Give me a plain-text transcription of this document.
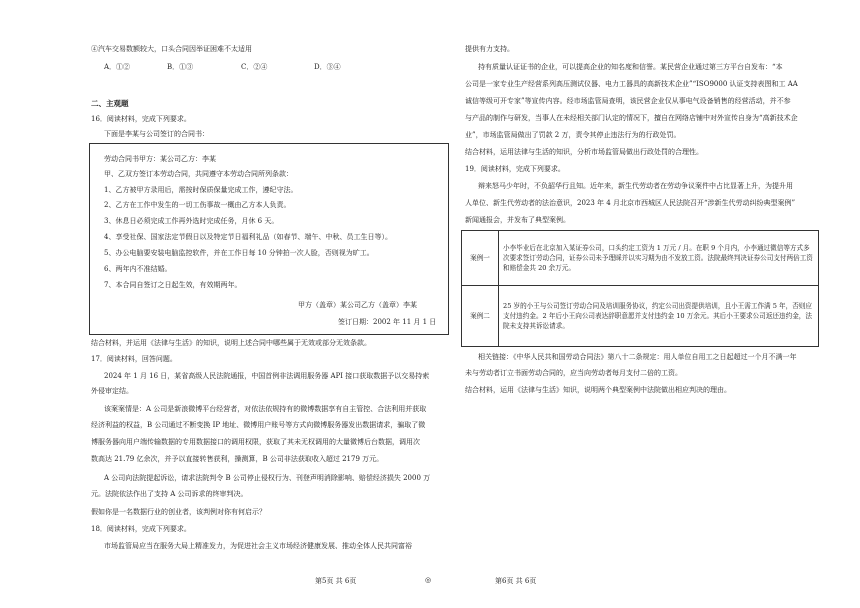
④汽车交易数额较大，口头合同因举证困难不太适用
A．①②	B．①③	C．②④	D．③④
二、主观题
16．阅读材料，完成下列要求。
下面是李某与公司签订的合同书：
劳动合同书甲方：某公司乙方：李某
甲、乙双方签订本劳动合同，共同遵守本劳动合同所列条款：
1、乙方被甲方录用后，需按时保质保量完成工作，遵纪守法。
2、乙方在工作中发生的一切工伤事故一概由乙方本人负责。
3、休息日必须完成工作再外选时完成任务，月休 6 天。
4、享受社保、国家法定节假日以及特定节日福利礼品（如春节、端午、中秋、员工生日等）。
5、办公电脑要安装电脑监控软件，并在工作日每 10 分钟拍一次人脸，否则视为旷工。
6、两年内不准结婚。
7、本合同自签订之日起生效，有效期两年。
甲方（盖章）某公司乙方（盖章）李某
签订日期：2002 年 11 月 1 日
结合材料，并运用《法律与生活》的知识，说明上述合同中哪些属于无效或部分无效条款。
17．阅读材料，回答问题。
2024 年 1 月 16 日，某省高级人民法院通报，中国首例非法调用服务器 API 接口获取数据予以交易持索
外侵审定结。
该案案情是：A 公司是新浪微博平台经营者，对依法依规持有的微博数据享有自主管控、合法利用并获取
经济利益的权益，B 公司通过不断变换 IP 地址、微博用户账号等方式向微博服务器发出数据请求，骗取了微
博服务器向用户端传输数据的专用数据接口的调用权限，获取了其未无权调用的大量微博后台数据，调用次
数高达 21.79 亿余次，并予以直接转售获利，操测算，B 公司非法获取收入超过 2179 万元。
A 公司向法院提起诉讼，请求法院判令 B 公司停止侵权行为、刊登声明消除影响、赔偿经济损失 2000 万
元。法院依法作出了支持 A 公司诉求的终审判决。
假如你是一名数据行业的创业者，该判例对你有何启示？
18．阅读材料，完成下列要求。
市场监管局应当在服务大局上精准发力，为促进社会主义市场经济健康发展、推动全体人民共同富裕
第5页 共 6页	◎
提供有力支持。
持有质量认证证书的企业，可以提高企业的知名度和信誉。某民营企业通过第三方平台自发布：“本
公司是一家专业生产经营系列高压测试仪器、电力工器具的高新技术企业”“ISO9000 认证支持表图和工 AA
诚信等级可开专家”等宣传内容。经市场监管局查明，该民营企业仅从事电气设备销售的经营活动，并不参
与产品的制作与研发，当事人在未经相关部门认定的情况下，擅自在网络店铺中对外宣传自身为“高新技术企
业”，市场监管局做出了罚款 2 万，责令其停止违法行为的行政处罚。
结合材料，运用法律与生活的知识，分析市场监管局做出行政处罚的合理性。
19．阅读材料，完成下列要求。
辩来怒马少年时，不负韶华行且知。近年来，新生代劳动者在劳动争议案件中占比显著上升，为提升用
人单位、新生代劳动者的法治意识，2023 年 4 月北京市西城区人民法院召开“涉新生代劳动纠纷典型案例”
新闻通报会，并发布了典型案例。
案例一	小李毕业后在北京加入某证券公司，口头约定工资为 1 万元 / 月。在职 9 个月内，小李通过微信等方式多次要求签订劳动合同，证券公司未予理睬并以实习期为由不发放工资。法院最终判决证券公司支付两倍工资和赔偿金共 20 余万元。
案例二	25 岁的小王与公司签订劳动合同及培训服务协议，约定公司出资提供培训，且小王需工作满 5 年，否则应支付违约金。2 年后小王向公司表达辞职意愿并支付违约金 10 万余元。其后小王要求公司返还违约金，法院未支持其诉讼请求。
相关链接：《中华人民共和国劳动合同法》第八十二条规定：用人单位自用工之日起超过一个月不满一年
未与劳动者订立书面劳动合同的，应当向劳动者每月支付二倍的工资。
结合材料，运用《法律与生活》知识，说明两个典型案例中法院做出相应判决的理由。
第6页 共 6页
